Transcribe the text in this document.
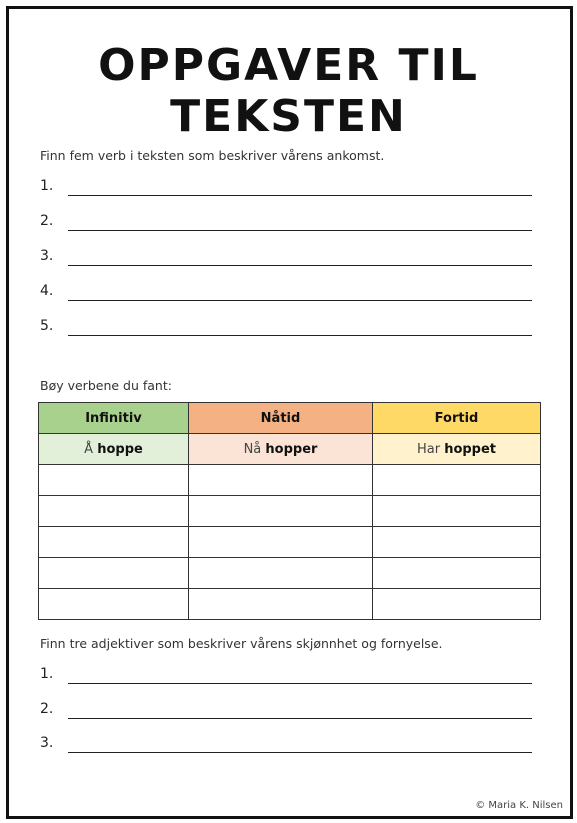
OPPGAVER TIL TEKSTEN
Finn fem verb i teksten som beskriver vårens ankomst.
1.
2.
3.
4.
5.
Bøy verbene du fant:
Infinitiv	Nåtid	Fortid
Å hoppe	Nå hopper	Har hoppet

Finn tre adjektiver som beskriver vårens skjønnhet og fornyelse.
1.
2.
3.
© Maria K. Nilsen
